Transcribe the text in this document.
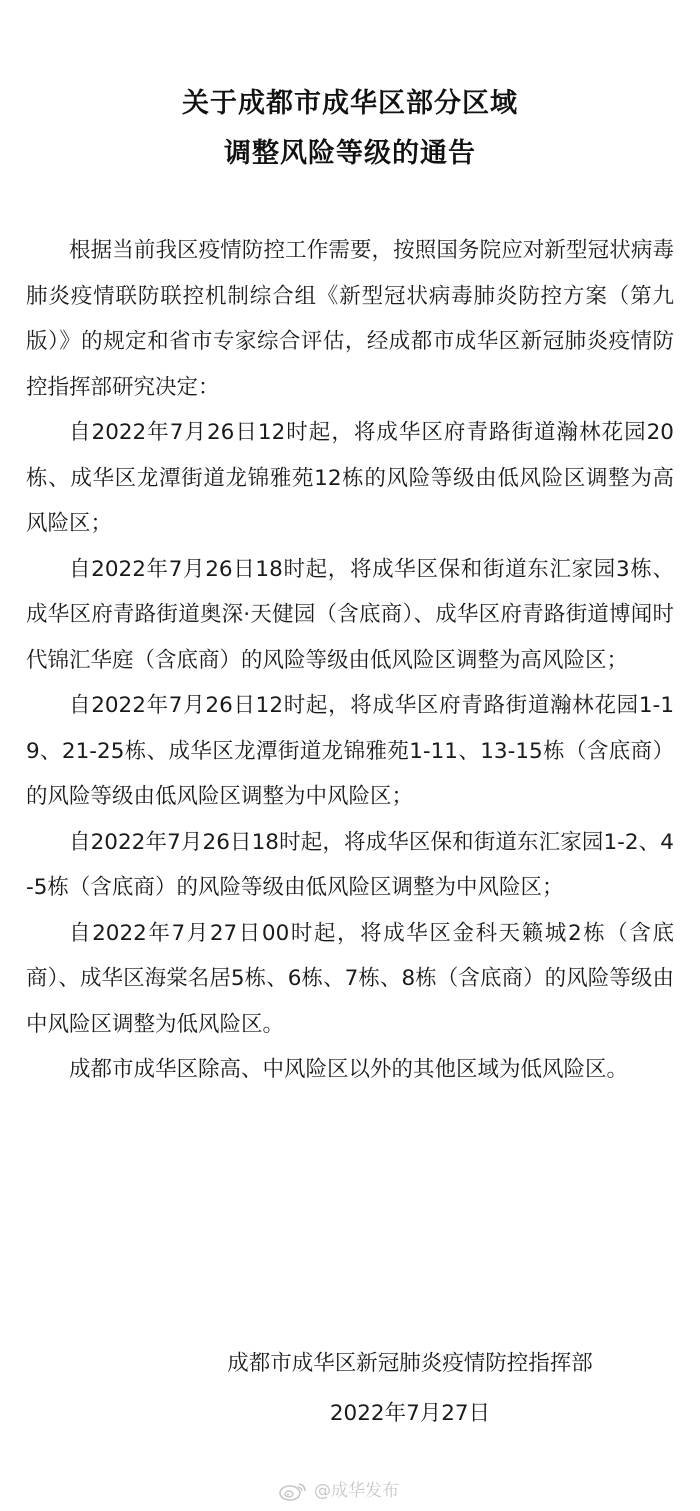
关于成都市成华区部分区域
调整风险等级的通告

根据当前我区疫情防控工作需要，按照国务院应对新型冠状病毒肺炎疫情联防联控机制综合组《新型冠状病毒肺炎防控方案（第九版）》的规定和省市专家综合评估，经成都市成华区新冠肺炎疫情防控指挥部研究决定：

自2022年7月26日12时起，将成华区府青路街道瀚林花园20栋、成华区龙潭街道龙锦雅苑12栋的风险等级由低风险区调整为高风险区；

自2022年7月26日18时起，将成华区保和街道东汇家园3栋、成华区府青路街道奥深·天健园（含底商）、成华区府青路街道博闻时代锦汇华庭（含底商）的风险等级由低风险区调整为高风险区；

自2022年7月26日12时起，将成华区府青路街道瀚林花园1-19、21-25栋、成华区龙潭街道龙锦雅苑1-11、13-15栋（含底商）的风险等级由低风险区调整为中风险区；

自2022年7月26日18时起，将成华区保和街道东汇家园1-2、4-5栋（含底商）的风险等级由低风险区调整为中风险区；

自2022年7月27日00时起，将成华区金科天籁城2栋（含底商）、成华区海棠名居5栋、6栋、7栋、8栋（含底商）的风险等级由中风险区调整为低风险区。

成都市成华区除高、中风险区以外的其他区域为低风险区。

成都市成华区新冠肺炎疫情防控指挥部
2022年7月27日
@成华发布
